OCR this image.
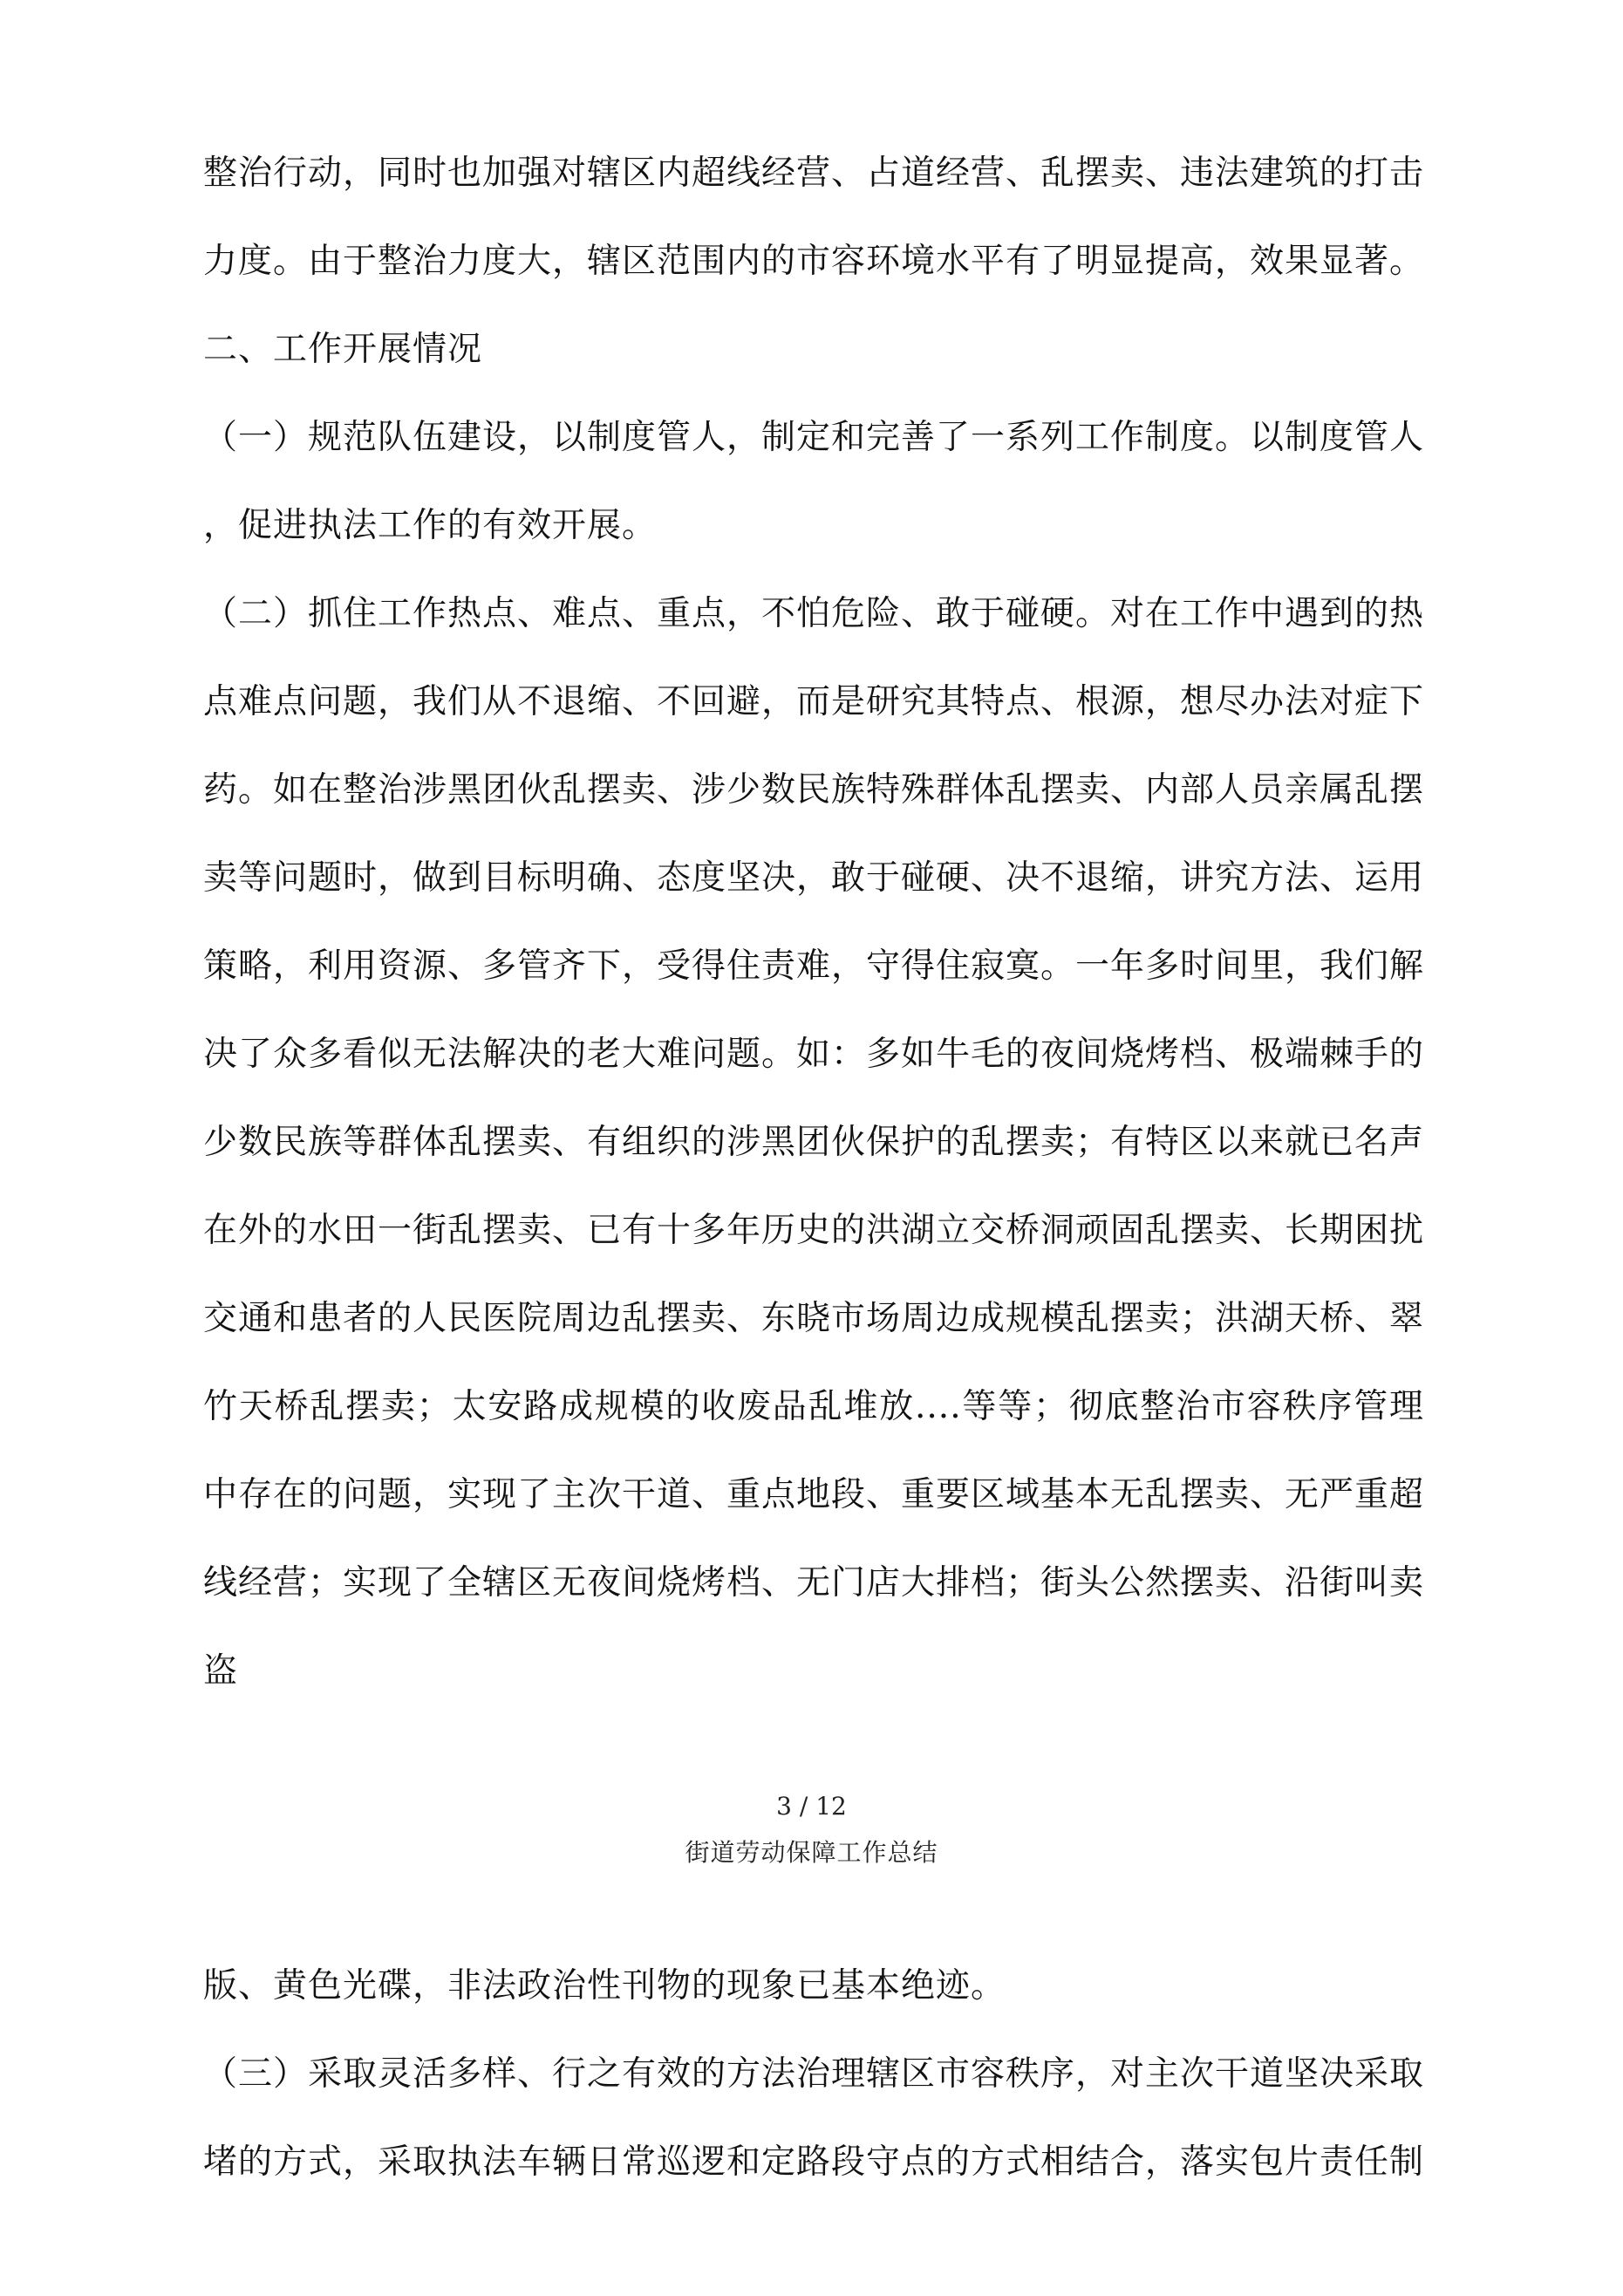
整治行动，同时也加强对辖区内超线经营、占道经营、乱摆卖、违法建筑的打击
力度。由于整治力度大，辖区范围内的市容环境水平有了明显提高，效果显著。
二、工作开展情况
（一）规范队伍建设，以制度管人，制定和完善了一系列工作制度。以制度管人
，促进执法工作的有效开展。
（二）抓住工作热点、难点、重点，不怕危险、敢于碰硬。对在工作中遇到的热
点难点问题，我们从不退缩、不回避，而是研究其特点、根源，想尽办法对症下
药。如在整治涉黑团伙乱摆卖、涉少数民族特殊群体乱摆卖、内部人员亲属乱摆
卖等问题时，做到目标明确、态度坚决，敢于碰硬、决不退缩，讲究方法、运用
策略，利用资源、多管齐下，受得住责难，守得住寂寞。一年多时间里，我们解
决了众多看似无法解决的老大难问题。如：多如牛毛的夜间烧烤档、极端棘手的
少数民族等群体乱摆卖、有组织的涉黑团伙保护的乱摆卖；有特区以来就已名声
在外的水田一街乱摆卖、已有十多年历史的洪湖立交桥洞顽固乱摆卖、长期困扰
交通和患者的人民医院周边乱摆卖、东晓市场周边成规模乱摆卖；洪湖天桥、翠
竹天桥乱摆卖；太安路成规模的收废品乱堆放....等等；彻底整治市容秩序管理
中存在的问题，实现了主次干道、重点地段、重要区域基本无乱摆卖、无严重超
线经营；实现了全辖区无夜间烧烤档、无门店大排档；街头公然摆卖、沿街叫卖
盗
3 / 12
街道劳动保障工作总结
版、黄色光碟，非法政治性刊物的现象已基本绝迹。
（三）采取灵活多样、行之有效的方法治理辖区市容秩序，对主次干道坚决采取
堵的方式，采取执法车辆日常巡逻和定路段守点的方式相结合，落实包片责任制
